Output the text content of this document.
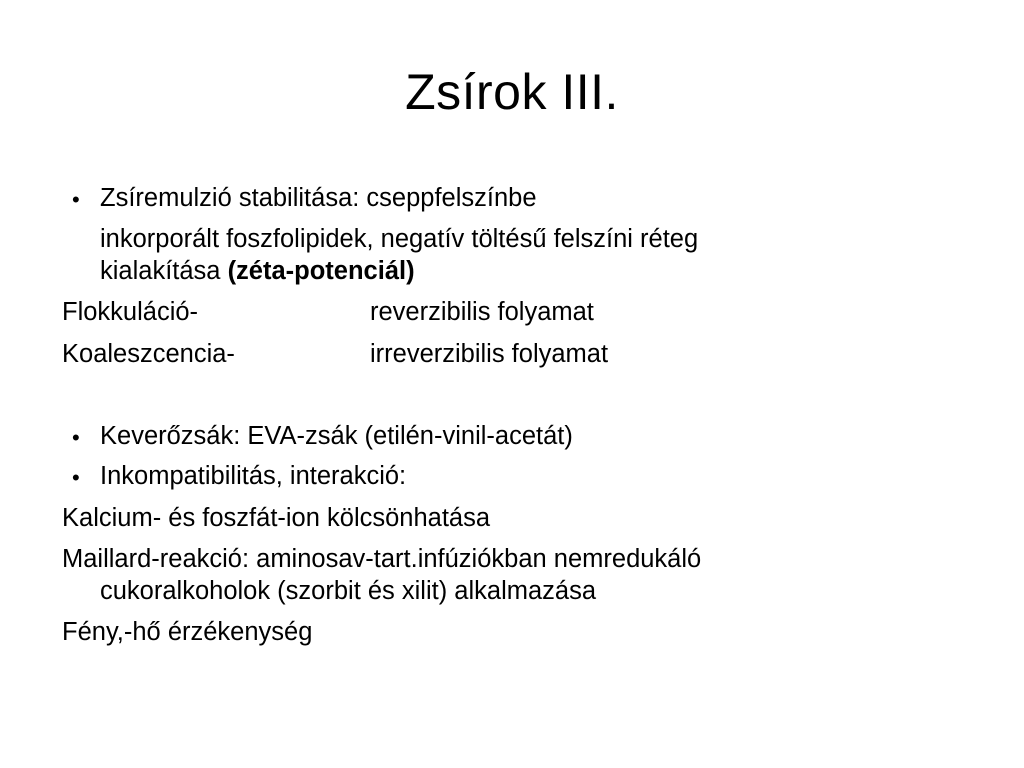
Zsírok III.
• Zsíremulzió stabilitása: cseppfelszínbe
inkorporált foszfolipidek, negatív töltésű felszíni réteg
kialakítása (zéta-potenciál)
Flokkuláció-	reverzibilis folyamat
Koaleszcencia-	irreverzibilis folyamat
• Keverőzsák: EVA-zsák (etilén-vinil-acetát)
• Inkompatibilitás, interakció:
Kalcium- és foszfát-ion kölcsönhatása
Maillard-reakció: aminosav-tart.infúziókban nemredukáló
cukoralkoholok (szorbit és xilit) alkalmazása
Fény,-hő érzékenység
